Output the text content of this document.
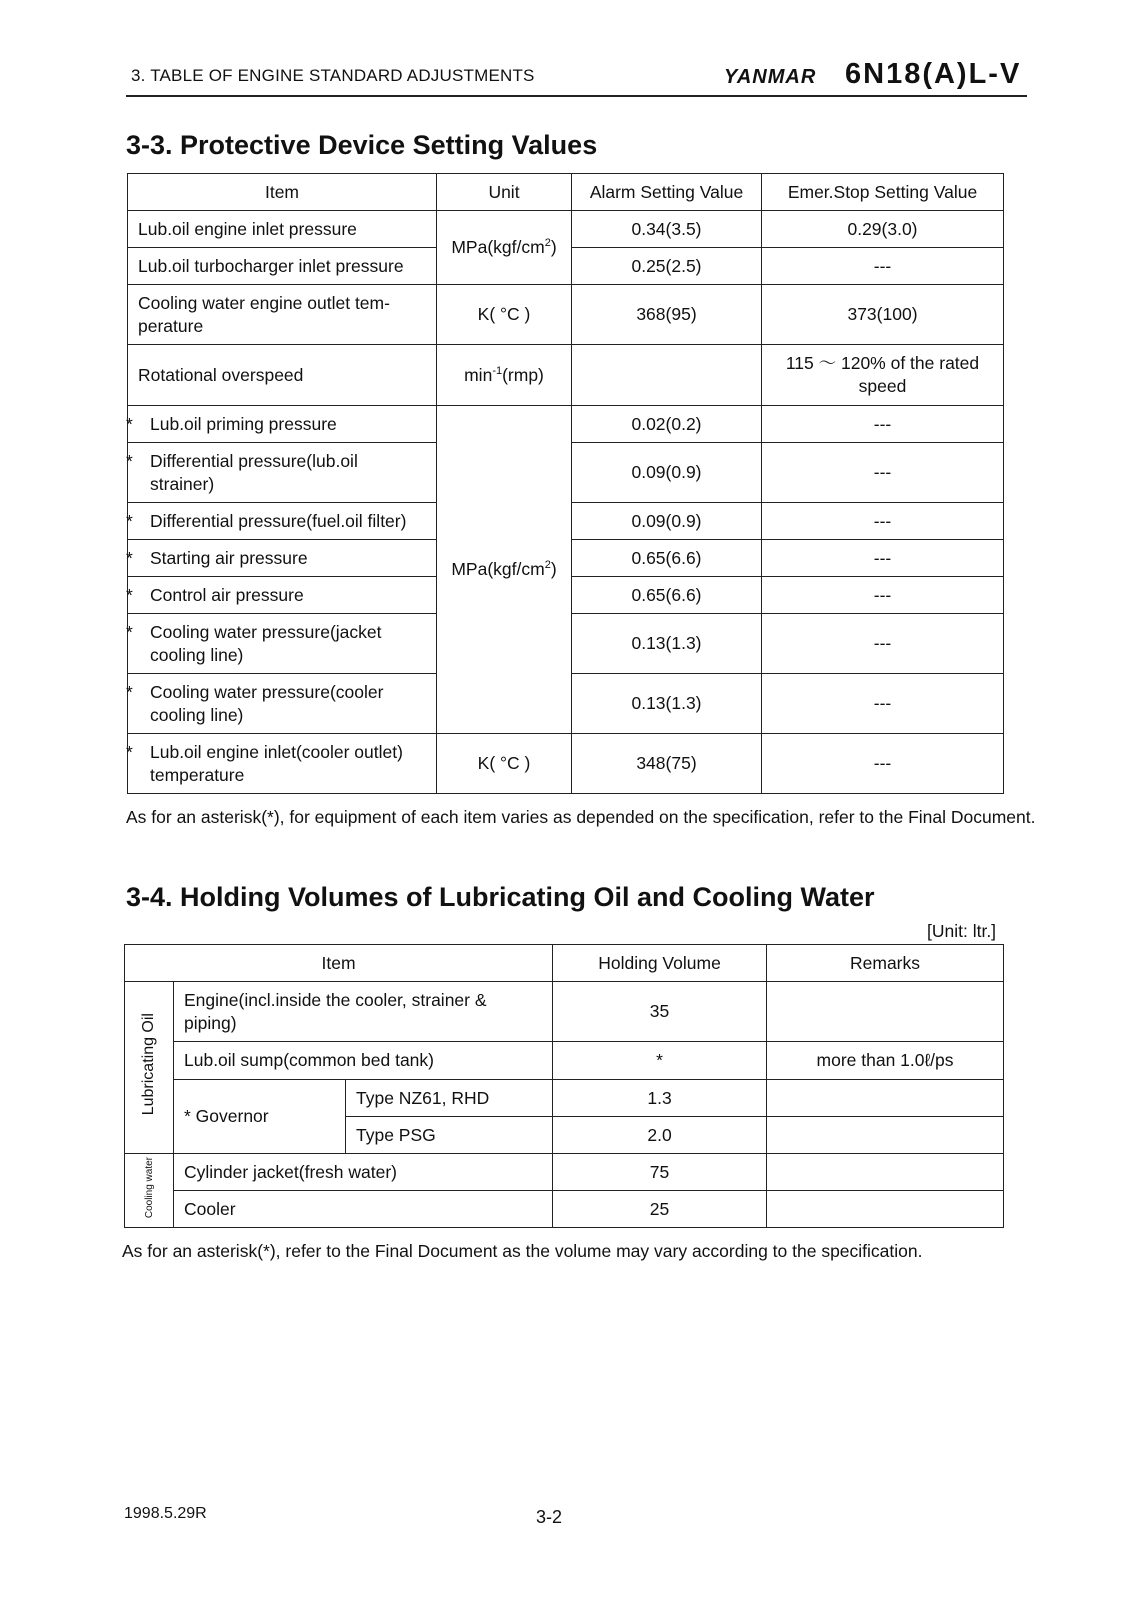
3. TABLE OF ENGINE STANDARD ADJUSTMENTS	YANMAR 6N18(A)L-V
3-3. Protective Device Setting Values
Item	Unit	Alarm Setting Value	Emer.Stop Setting Value
Lub.oil engine inlet pressure	$MPa(kgf/cm^2)$	0.34(3.5)	0.29(3.0)
Lub.oil turbocharger inlet pressure		0.25(2.5)	---
Cooling water engine outlet tem-perature	K( °C )	368(95)	373(100)
Rotational overspeed	$\min^{-1}(rmp)$		115 〜 120% of the rated speed
* Lub.oil priming pressure	$MPa(kgf/cm^2)$	0.02(0.2)	---
* Differential pressure(lub.oil strainer)		0.09(0.9)	---
* Differential pressure(fuel.oil filter)		0.09(0.9)	---
* Starting air pressure		0.65(6.6)	---
* Control air pressure		0.65(6.6)	---
* Cooling water pressure(jacket cooling line)		0.13(1.3)	---
* Cooling water pressure(cooler cooling line)		0.13(1.3)	---
* Lub.oil engine inlet(cooler outlet) temperature	K( °C )	348(75)	---
As for an asterisk(*), for equipment of each item varies as depended on the specification, refer to the Final Document.
3-4. Holding Volumes of Lubricating Oil and Cooling Water
[Unit: ltr.]
Item			Holding Volume	Remarks
Lubricating Oil	Engine(incl.inside the cooler, strainer & piping)		35	
	Lub.oil sump(common bed tank)		*	more than 1.0ℓ/ps
	* Governor	Type NZ61, RHD	1.3	
		Type PSG	2.0	
Cooling water	Cylinder jacket(fresh water)		75	
	Cooler		25	
As for an asterisk(*), refer to the Final Document as the volume may vary according to the specification.
1998.5.29R	3-2
